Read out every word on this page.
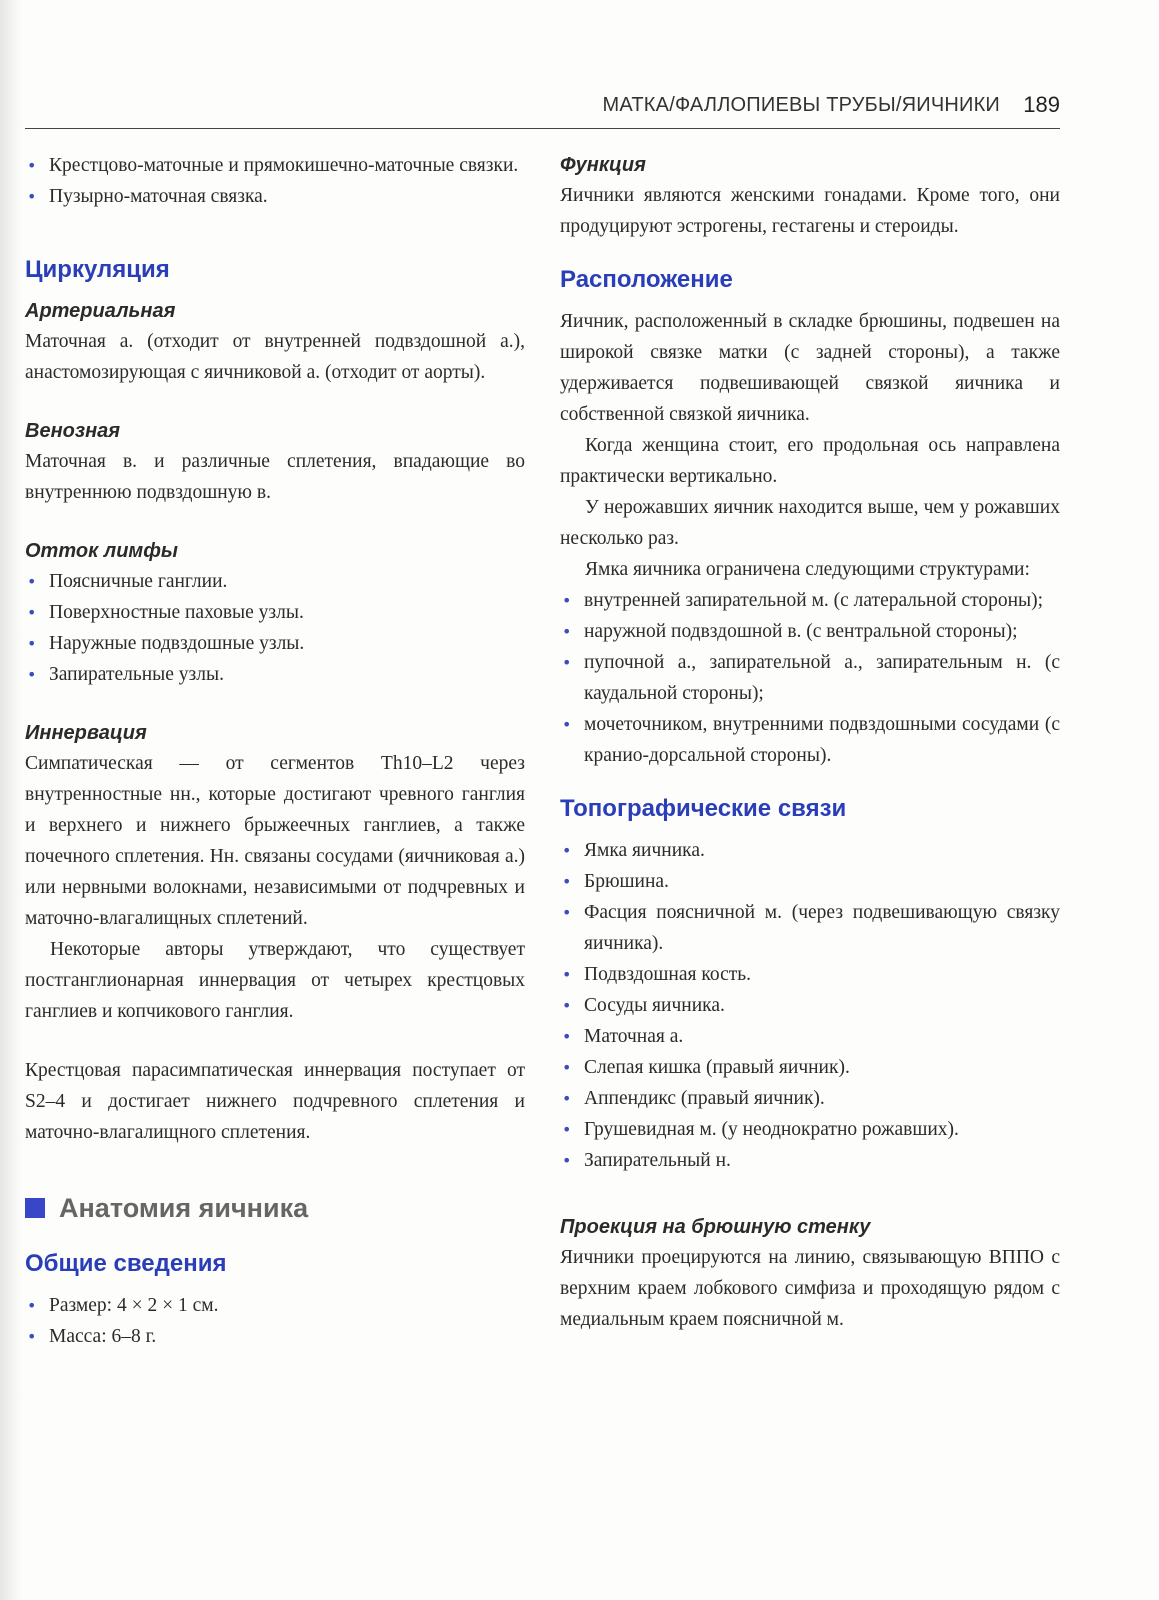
МАТКА/ФАЛЛОПИЕВЫ ТРУБЫ/ЯИЧНИКИ 189
• Крестцово-маточные и прямокишечно-маточные связки.
• Пузырно-маточная связка.
Циркуляция
Артериальная

Маточная а. (отходит от внутренней подвздошной а.), анастомозирующая с яичниковой а. (отходит от аорты).

Венозная

Маточная в. и различные сплетения, впадающие во внутреннюю подвздошную в.

Отток лимфы
• Поясничные ганглии.
• Поверхностные паховые узлы.
• Наружные подвздошные узлы.
• Запирательные узлы.
Иннервация

Симпатическая — от сегментов Th10–L2 через внутренностные нн., которые достигают чревного ганглия и верхнего и нижнего брыжеечных ганглиев, а также почечного сплетения. Нн. связаны сосудами (яичниковая а.) или нервными волокнами, независимыми от подчревных и маточно-влагалищных сплетений.

Некоторые авторы утверждают, что существует постганглионарная иннервация от четырех крестцовых ганглиев и копчикового ганглия.

Крестцовая парасимпатическая иннервация поступает от S2–4 и достигает нижнего подчревного сплетения и маточно-влагалищного сплетения.

Анатомия яичника
Общие сведения
• Размер: 4 × 2 × 1 см.
• Масса: 6–8 г.
Функция

Яичники являются женскими гонадами. Кроме того, они продуцируют эстрогены, гестагены и стероиды.

Расположение

Яичник, расположенный в складке брюшины, подвешен на широкой связке матки (с задней стороны), а также удерживается подвешивающей связкой яичника и собственной связкой яичника.

Когда женщина стоит, его продольная ось направлена практически вертикально.

У нерожавших яичник находится выше, чем у рожавших несколько раз.

Ямка яичника ограничена следующими структурами:

• внутренней запирательной м. (с латеральной стороны);
• наружной подвздошной в. (с вентральной стороны);
• пупочной а., запирательной а., запирательным н. (с каудальной стороны);
• мочеточником, внутренними подвздошными сосудами (с кранио-дорсальной стороны).
Топографические связи
• Ямка яичника.
• Брюшина.
• Фасция поясничной м. (через подвешивающую связку яичника).
• Подвздошная кость.
• Сосуды яичника.
• Маточная а.
• Слепая кишка (правый яичник).
• Аппендикс (правый яичник).
• Грушевидная м. (у неоднократно рожавших).
• Запирательный н.
Проекция на брюшную стенку

Яичники проецируются на линию, связывающую ВППО с верхним краем лобкового симфиза и проходящую рядом с медиальным краем поясничной м.
